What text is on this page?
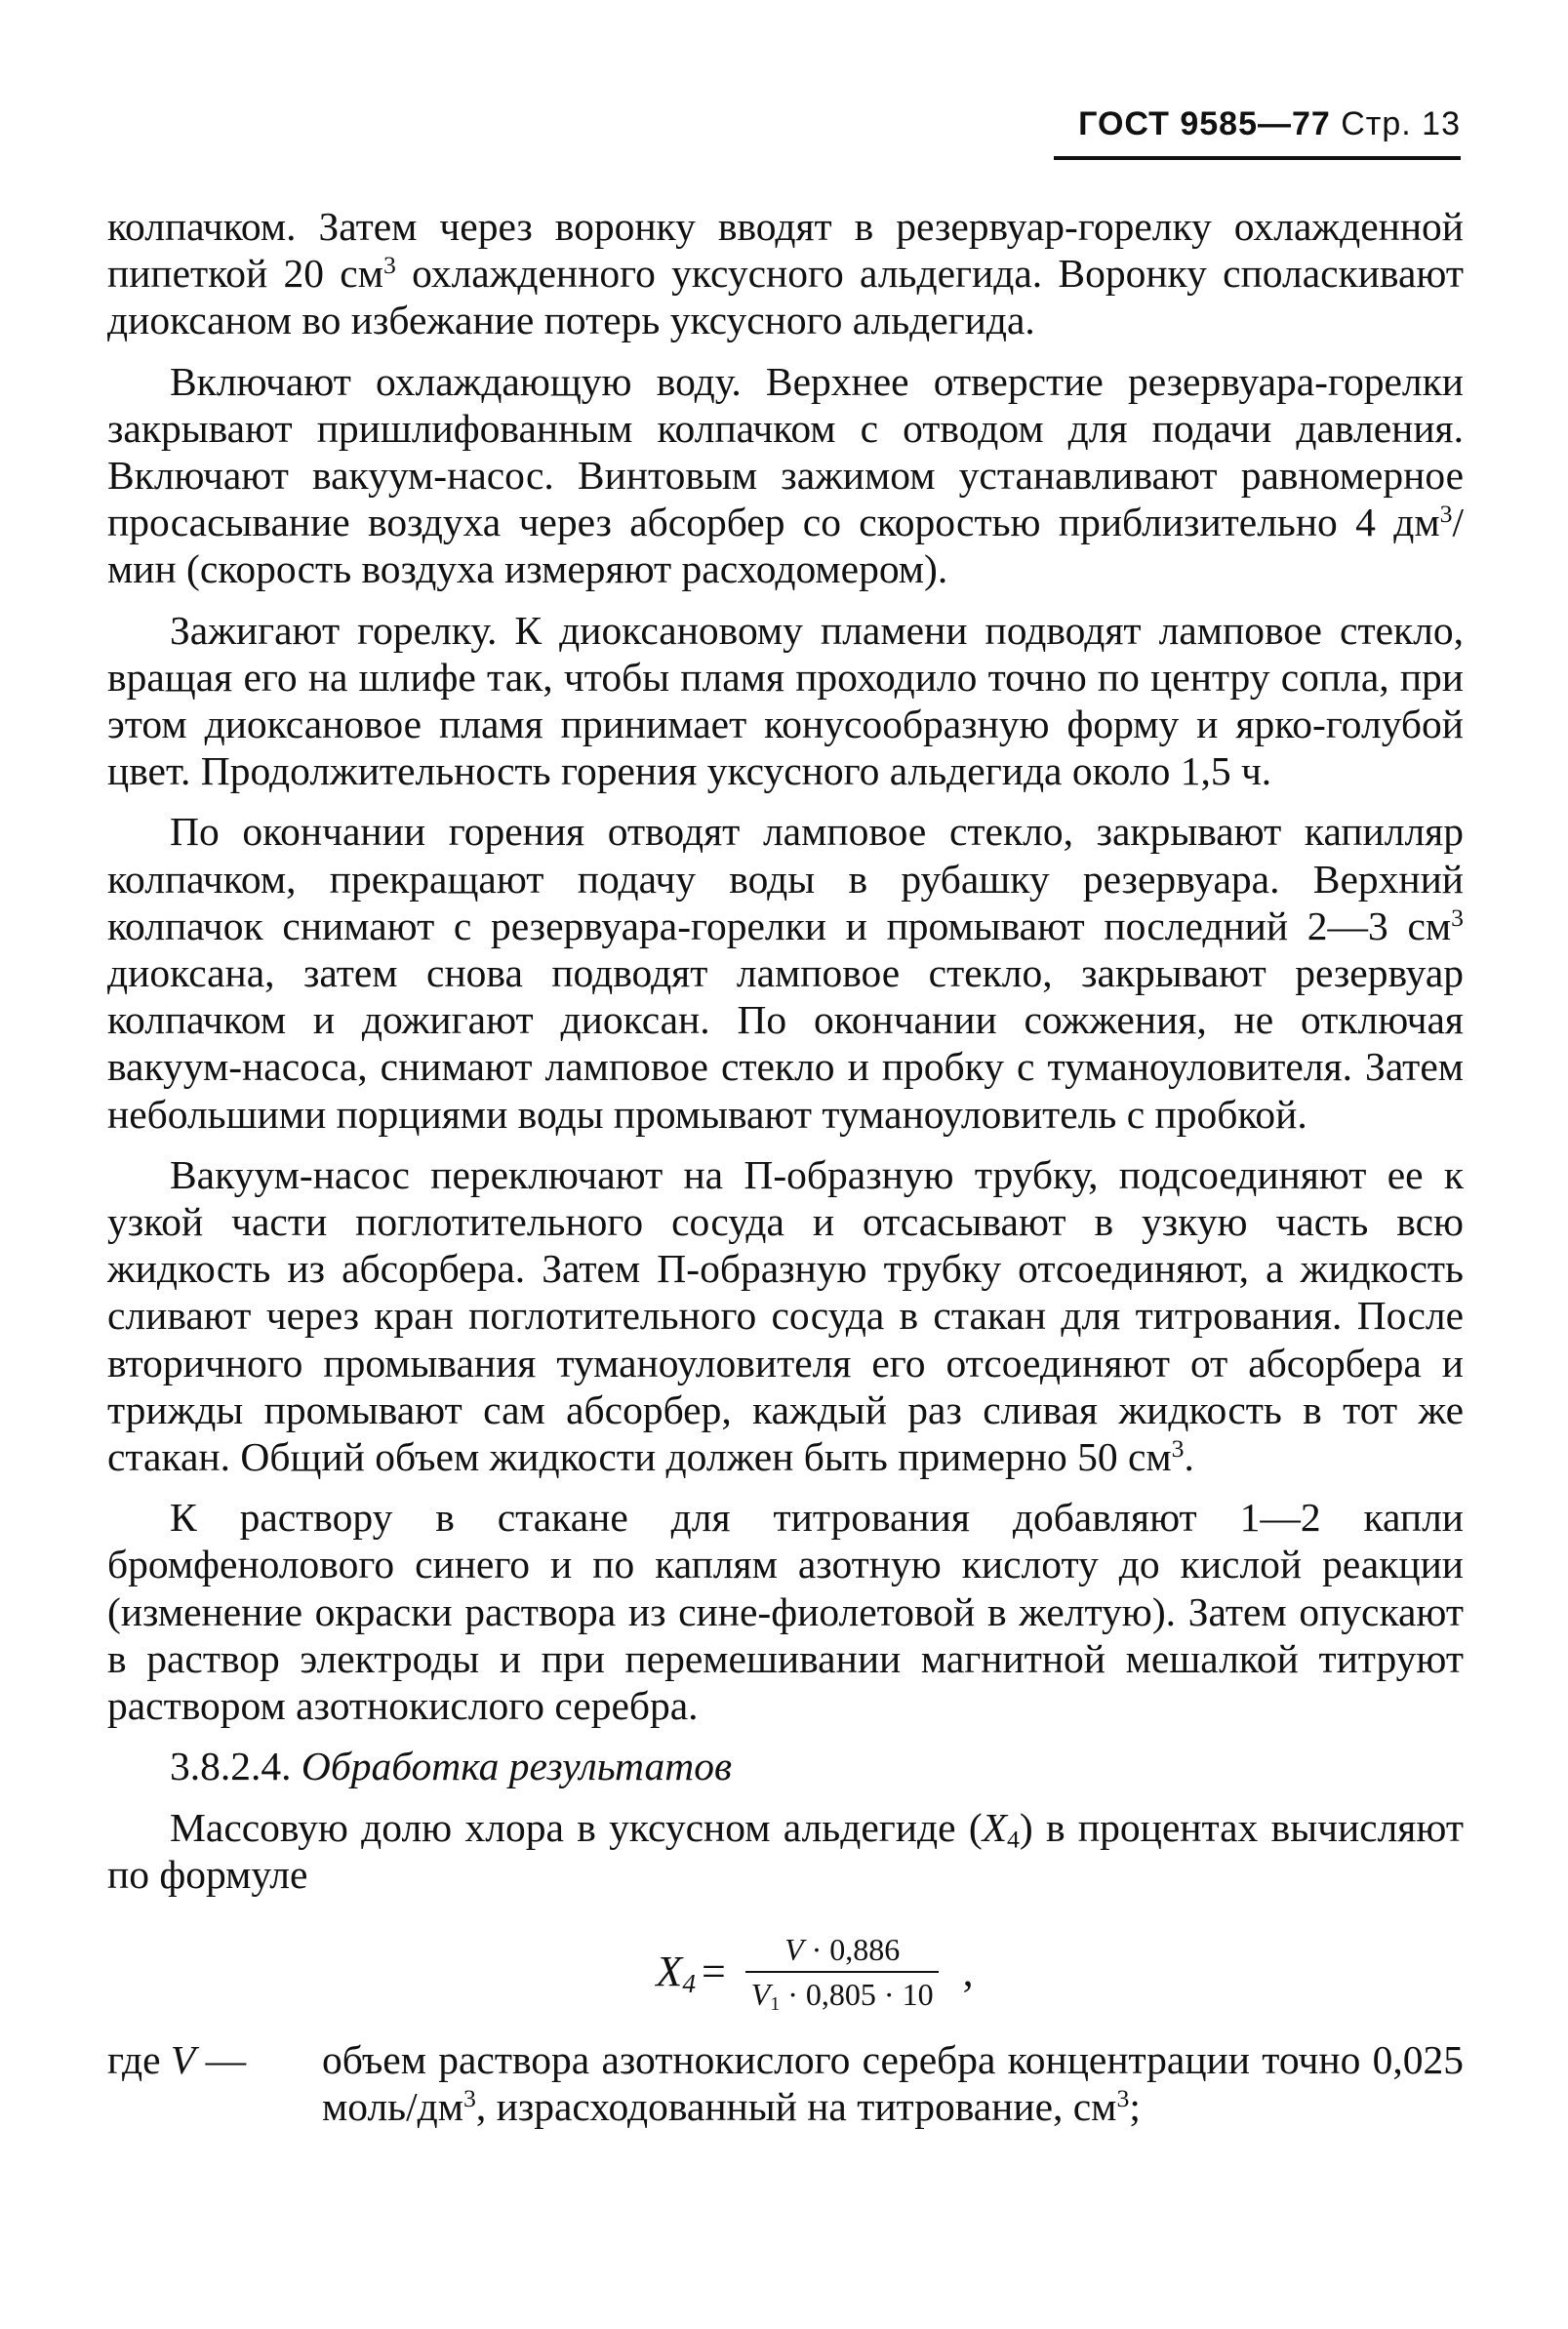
ГОСТ 9585—77 Стр. 13

колпачком. Затем через воронку вводят в резервуар-горелку охлажденной пипеткой 20 $см^3$ охлажденного уксусного альдегида. Воронку споласкивают диоксаном во избежание потерь уксусного альдегида.

Включают охлаждающую воду. Верхнее отверстие резервуара-горелки закрывают пришлифованным колпачком с отводом для подачи давления. Включают вакуум-насос. Винтовым зажимом устанавливают равномерное просасывание воздуха через абсорбер со скоростью приблизительно 4 $дм^3$/мин (скорость воздуха измеряют расходомером).

Зажигают горелку. К диоксановому пламени подводят ламповое стекло, вращая его на шлифе так, чтобы пламя проходило точно по центру сопла, при этом диоксановое пламя принимает конусообразную форму и ярко-голубой цвет. Продолжительность горения уксусного альдегида около 1,5 ч.

По окончании горения отводят ламповое стекло, закрывают капилляр колпачком, прекращают подачу воды в рубашку резервуара. Верхний колпачок снимают с резервуара-горелки и промывают последний 2—3 $см^3$ диоксана, затем снова подводят ламповое стекло, закрывают резервуар колпачком и дожигают диоксан. По окончании сожжения, не отключая вакуум-насоса, снимают ламповое стекло и пробку с туманоуловителя. Затем небольшими порциями воды промывают туманоуловитель с пробкой.

Вакуум-насос переключают на П-образную трубку, подсоединяют ее к узкой части поглотительного сосуда и отсасывают в узкую часть всю жидкость из абсорбера. Затем П-образную трубку отсоединяют, а жидкость сливают через кран поглотительного сосуда в стакан для титрования. После вторичного промывания туманоуловителя его отсоединяют от абсорбера и трижды промывают сам абсорбер, каждый раз сливая жидкость в тот же стакан. Общий объем жидкости должен быть примерно 50 $см^3$.

К раствору в стакане для титрования добавляют 1—2 капли бромфенолового синего и по каплям азотную кислоту до кислой реакции (изменение окраски раствора из сине-фиолетовой в желтую). Затем опускают в раствор электроды и при перемешивании магнитной мешалкой титруют раствором азотнокислого серебра.

3.8.2.4. Обработка результатов

Массовую долю хлора в уксусном альдегиде $(X_4)$ в процентах вычисляют по формуле

$X_4 = \frac{V \cdot 0,886}{V_1 \cdot 0,805 \cdot 10}$ ,
где V —	объем раствора азотнокислого серебра концентрации точно 0,025 моль/$дм^3$, израсходованный на титрование, $см^3$;
